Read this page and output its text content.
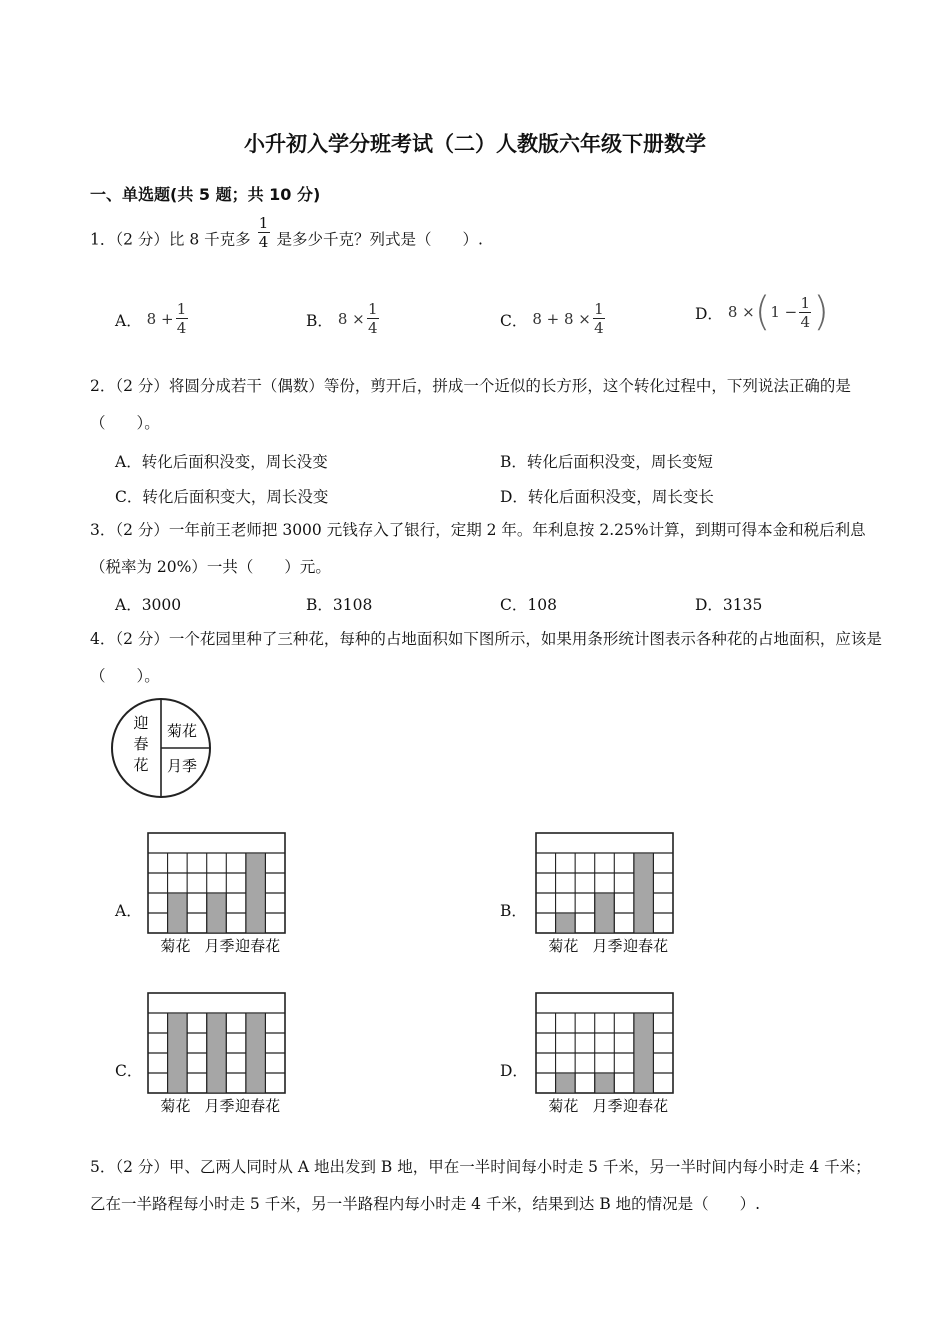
小升初入学分班考试（二）人教版六年级下册数学
一、单选题(共 5 题；共 10 分)
1．（2 分）比 8 千克多 $\frac{1}{4}$ 是多少千克？列式是（　　）.
A． $8 + \frac{1}{4}$	B． $8 \times \frac{1}{4}$	C． $8 + 8 \times \frac{1}{4}$	D． 8 × ( $1 - \frac{1}{4}$ )
2．（2 分）将圆分成若干（偶数）等份，剪开后，拼成一个近似的长方形，这个转化过程中，下列说法正确的是（　　）。
A．转化后面积没变，周长没变	B．转化后面积没变，周长变短
C．转化后面积变大，周长没变	D．转化后面积没变，周长变长
3．（2 分）一年前王老师把 3000 元钱存入了银行，定期 2 年。年利息按 2.25%计算，到期可得本金和税后利息（税率为 20%）一共（　　）元。
A．3000	B．3108	C．108	D．3135
4．（2 分）一个花园里种了三种花，每种的占地面积如下图所示，如果用条形统计图表示各种花的占地面积，应该是（　　）。
迎
春
花
菊花
月季
A．	B．
C．	D．
菊花 月季 迎春花	菊花 月季 迎春花
菊花 月季 迎春花	菊花 月季 迎春花
5．（2 分）甲、乙两人同时从 A 地出发到 B 地，甲在一半时间每小时走 5 千米，另一半时间内每小时走 4 千米；乙在一半路程每小时走 5 千米，另一半路程内每小时走 4 千米，结果到达 B 地的情况是（　　）.
